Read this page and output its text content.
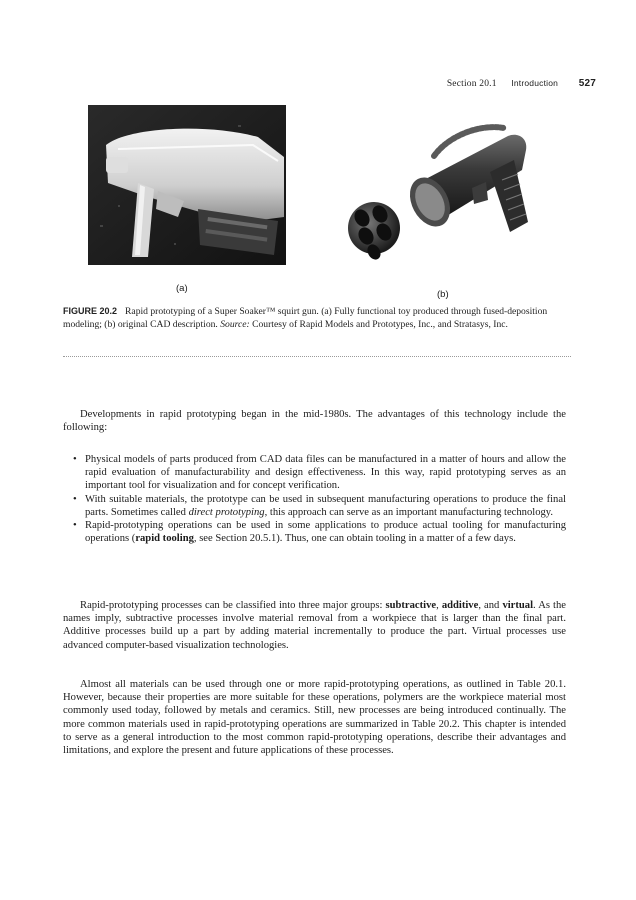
Section 20.1 Introduction 527
(a)
(b)
FIGURE 20.2 Rapid prototyping of a Super Soaker™ squirt gun. (a) Fully functional toy produced through fused-deposition modeling; (b) original CAD description. Source: Courtesy of Rapid Models and Prototypes, Inc., and Stratasys, Inc.
Developments in rapid prototyping began in the mid-1980s. The advantages of this technology include the following:
• Physical models of parts produced from CAD data files can be manufactured in a matter of hours and allow the rapid evaluation of manufacturability and design effectiveness. In this way, rapid prototyping serves as an important tool for visualization and for concept verification.
• With suitable materials, the prototype can be used in subsequent manufacturing operations to produce the final parts. Sometimes called direct prototyping, this approach can serve as an important manufacturing technology.
• Rapid-prototyping operations can be used in some applications to produce actual tooling for manufacturing operations (rapid tooling, see Section 20.5.1). Thus, one can obtain tooling in a matter of a few days.
Rapid-prototyping processes can be classified into three major groups: subtractive, additive, and virtual. As the names imply, subtractive processes involve material removal from a workpiece that is larger than the final part. Additive processes build up a part by adding material incrementally to produce the part. Virtual processes use advanced computer-based visualization technologies.
Almost all materials can be used through one or more rapid-prototyping operations, as outlined in Table 20.1. However, because their properties are more suitable for these operations, polymers are the workpiece material most commonly used today, followed by metals and ceramics. Still, new processes are being introduced continually. The more common materials used in rapid-prototyping operations are summarized in Table 20.2. This chapter is intended to serve as a general introduction to the most common rapid-prototyping operations, describe their advantages and limitations, and explore the present and future applications of these processes.
